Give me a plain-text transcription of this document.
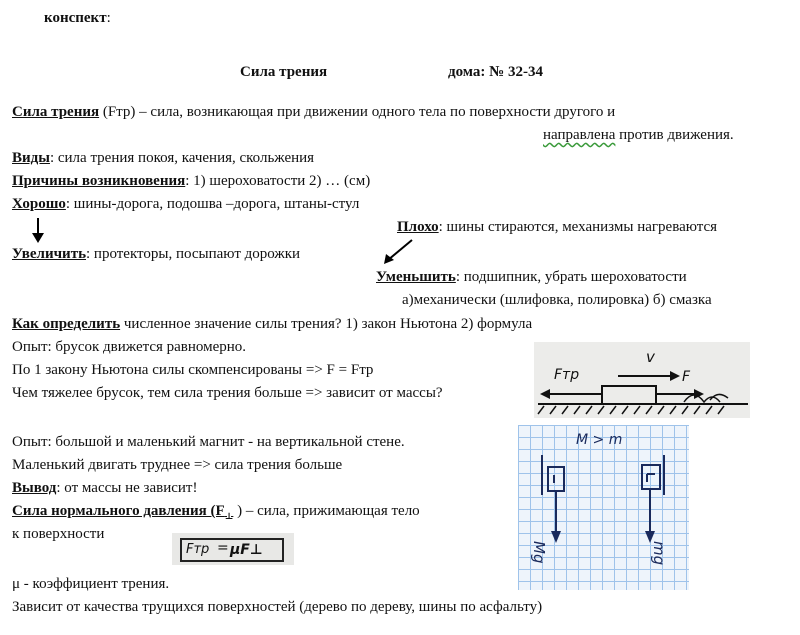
конспект:
Сила трения	дома: № 32-34
Сила трения (Fтр) – сила, возникающая при движении одного тела по поверхности другого и
направлена против движения.
Виды: сила трения покоя, качения, скольжения
Причины возникновения: 1) шероховатости 2) … (см)
Хорошо: шины-дорога, подошва –дорога, штаны-стул
Плохо: шины стираются, механизмы нагреваются
Увеличить: протекторы, посыпают дорожки
Уменьшить: подшипник, убрать шероховатости
а)механически (шлифовка, полировка) б) смазка
Как определить численное значение силы трения? 1) закон Ньютона 2) формула
Опыт: брусок движется равномерно.
По 1 закону Ньютона силы скомпенсированы => F = Fтр
Чем тяжелее брусок, тем сила трения больше => зависит от массы?
Fтр
v
F
Опыт: большой и маленький магнит - на вертикальной стене.
Маленький двигать труднее => сила трения больше
Вывод: от массы не зависит!
Сила нормального давления ($F_\perp$ ) – сила, прижимающая тело
к поверхности
Fтр = μF⊥
M > m
Mg	mg
μ - коэффициент трения.
Зависит от качества трущихся поверхностей (дерево по дереву, шины по асфальту)
